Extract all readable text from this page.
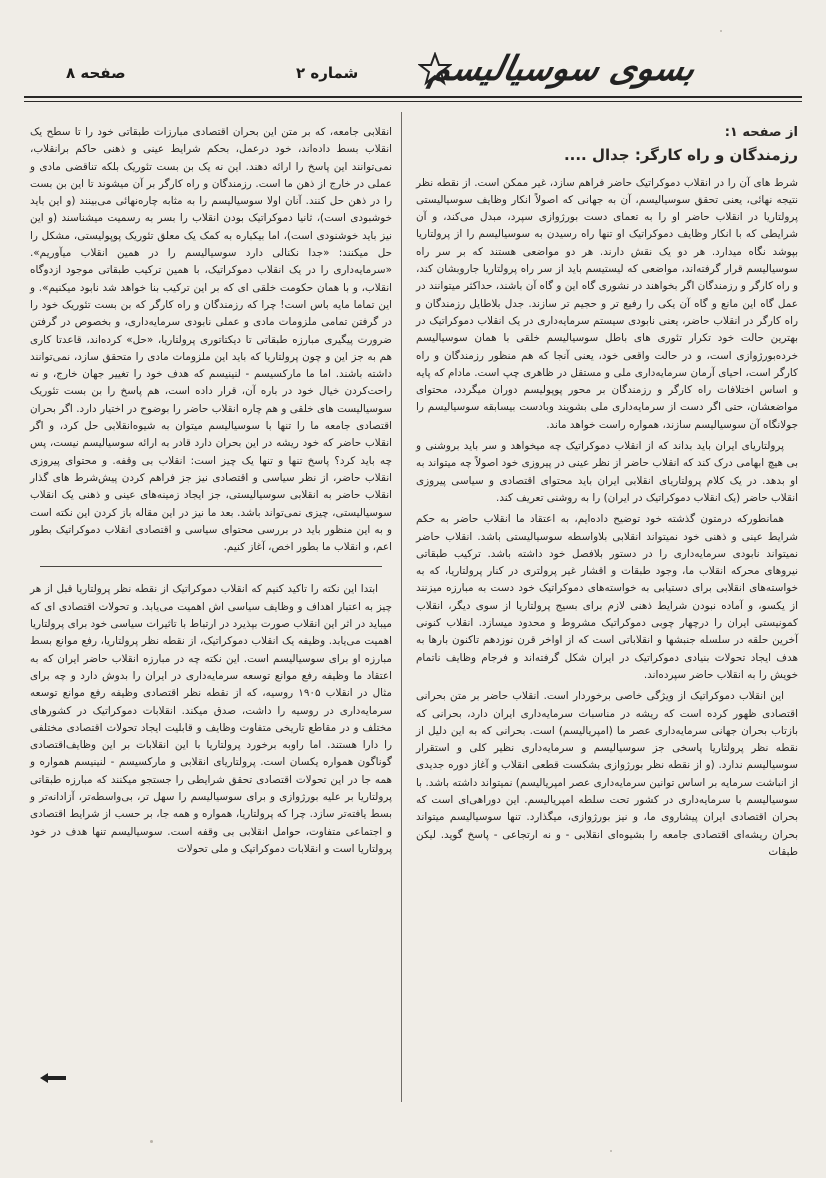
بسوی سوسیالیسم
شماره ۲
صفحه ۸
از صفحه ۱:
رزمندگان و راه کارگر: جدال ....

شرط های آن را در انقلاب دموکراتیک حاضر فراهم سازد، غیر ممکن است. از نقطه نظر نتیجه نهائی، یعنی تحقق سوسیالیسم، آن به جهانی که اصولاً انکار وظایف سوسیالیستی پرولتاریا در انقلاب حاضر او را به تعمای دست بورژوازی سپرد، مبدل می‌کند، و آن شرایطی که با انکار وظایف دموکراتیک او تنها راه رسیدن به سوسیالیسم را از پرولتاریا بپوشد نگاه میدارد. هر دو یک نقش دارند. هر دو مواضعی هستند که بر سر راه سوسیالیسم قرار گرفته‌اند، مواضعی که لیستیسم باید از سر راه پرولتاریا جاروبشان کند، و راه کارگر و رزمندگان اگر بخواهند در نشوری گاه این و گاه آن باشند، حداکثر میتوانند در عمل گاه این مانع و گاه آن یکی را رفیع تر و حجیم تر سازند. جدل بلاطایل رزمندگان و راه کارگر در انقلاب حاضر، یعنی نابودی سیستم سرمایه‌داری در یک انقلاب دموکراتیک در بهترین حالت خود تکرار تئوری های باطل سوسیالیسم خلقی با همان سوسیالیسم خرده‌بورژوازی است، و در حالت واقعی خود، یعنی آنجا که هم منظور رزمندگان و راه کارگر است، احیای آرمان سرمایه‌داری ملی و مستقل در ظاهری چپ است. مادام که پایه و اساس اختلافات راه کارگر و رزمندگان بر محور پوپولیسم دوران میگردد، محتوای مواضعشان، حتی اگر دست از سرمایه‌داری ملی بشویند وبادست بیسابقه سوسیالیسم را جولانگاه آن سوسیالیسم سازند، همواره راست خواهد ماند.

پرولتاریای ایران باید بداند که از انقلاب دموکراتیک چه میخواهد و سر باید بروشنی و بی هیچ ابهامی درک کند که انقلاب حاضر از نظر عینی در پیروزی خود اصولاً چه میتواند به او بدهد. در یک کلام پرولتاریای انقلابی ایران باید محتوای اقتصادی و سیاسی پیروزی انقلاب حاضر (یک انقلاب دموکراتیک در ایران) را به روشنی تعریف کند.

همانطورکه درمتون گذشته خود توضیح داده‌ایم، به اعتقاد ما انقلاب حاضر به حکم شرایط عینی و ذهنی خود نمیتواند انقلابی بلاواسطه سوسیالیستی باشد. انقلاب حاضر نمیتواند نابودی سرمایه‌داری را در دستور بلافصل خود داشته باشد. ترکیب طبقاتی نیروهای محرکه انقلاب ما، وجود طبقات و اقشار غیر پرولتری در کنار پرولتاریا، که به خواسته‌های انقلابی برای دستیابی به خواسته‌های دموکراتیک خود دست به مبارزه میزنند از یکسو، و آماده نبودن شرایط ذهنی لازم برای بسیج پرولتاریا از سوی دیگر، انقلاب کمونیستی ایران را درچهار چوبی دموکراتیک مشروط و محدود میسازد. انقلاب کنونی آخرین حلقه در سلسله جنبشها و انقلاباتی است که از اواخر قرن نوزدهم تاکنون بارها به هدف ایجاد تحولات بنیادی دموکراتیک در ایران شکل گرفته‌اند و فرجام وظایف ناتمام خویش را به انقلاب حاضر سپرده‌اند.

این انقلاب دموکراتیک از ویژگی خاصی برخوردار است. انقلاب حاضر بر متن بحرانی اقتصادی ظهور کرده است که ریشه در مناسبات سرمایه‌داری ایران دارد، بحرانی که بازتاب بحران جهانی سرمایه‌داری عصر ما (امپریالیسم) است. بحرانی که به این دلیل از نقطه نظر پرولتاریا پاسخی جز سوسیالیسم و سرمایه‌داری نظیر کلی و استقرار سوسیالیسم ندارد. (و از نقطه نظر بورژوازی بشکست قطعی انقلاب و آغاز دوره جدیدی از انباشت سرمایه بر اساس توانین سرمایه‌داری عصر امپریالیسم) نمیتواند داشته باشد. با سوسیالیسم با سرمایه‌داری در کشور تحت سلطه امپریالیسم. این دوراهی‌ای است که بحران اقتصادی ایران پیشاروی ما، و نیز بورژوازی، میگذارد. تنها سوسیالیسم میتواند بحران ریشه‌ای اقتصادی جامعه را بشیوه‌ای انقلابی - و نه ارتجاعی - پاسخ گوید. لیکن طبقات

انقلابی جامعه، که بر متن این بحران اقتصادی مبارزات طبقاتی خود را تا سطح یک انقلاب بسط داده‌اند، خود درعمل، بحکم شرایط عینی و ذهنی حاکم برانقلاب، نمی‌توانند این پاسخ را ارائه دهند. این نه یک بن بست تئوریک بلکه تناقضی مادی و عملی در خارج از ذهن ما است. رزمندگان و راه کارگر بر آن میشوند تا این بن بست را در ذهن حل کنند. آنان اولا سوسیالیسم را به مثابه چاره‌نهائی می‌بینند (و این باید خوشبودی است)، ثانیا دموکراتیک بودن انقلاب را بسر به رسمیت میشناسند (و این نیز باید خوشنودی است)، اما بیکباره به کمک یک معلق تئوریک پوپولیستی، مشکل را حل میکنند: «جدا نکنالی دارد سوسیالیسم را در همین انقلاب میآوریم». «سرمایه‌داری را در یک انقلاب دموکراتیک، با همین ترکیب طبقاتی موجود ازدوگاه انقلاب، و با همان حکومت خلقی ای که بر این ترکیب بنا خواهد شد نابود میکنیم». و این تماما مایه باس است! چرا که رزمندگان و راه کارگر که بن بست تئوریک خود را در گرفتن تمامی ملزومات مادی و عملی نابودی سرمایه‌داری، و بخصوص در گرفتن ضرورت پیگیری مبارزه طبقاتی تا دیکتاتوری پرولتاریا، «حل» کرده‌اند، قاعدتا کاری هم به جز این و چون پرولتاریا که باید این ملزومات مادی را متحقق سازد، نمی‌توانند داشته باشند. اما ما مارکسیسم - لنینیسم که هدف خود را تغییر جهان خارج، و نه راحت‌کردن خیال خود در باره آن، قرار داده است، هم پاسخ را بن بست تئوریک سوسیالیست های خلقی و هم چاره انقلاب حاضر را بوضوح در اختیار دارد. اگر بحران اقتصادی جامعه ما را تنها با سوسیالیسم میتوان به شیوه‌انقلابی حل کرد، و اگر انقلاب حاضر که خود ریشه در این بحران دارد قادر به ارائه سوسیالیسم نیست، پس چه باید کرد؟ پاسخ تنها و تنها یک چیز است: انقلاب بی وقفه. و محتوای پیروزی انقلاب حاضر، از نظر سیاسی و اقتصادی نیز جز فراهم کردن پیش‌شرط های گذار انقلاب حاضر به انقلابی سوسیالیستی، جز ایجاد زمینه‌های عینی و ذهنی یک انقلاب سوسیالیستی، چیزی نمی‌تواند باشد. بعد ما نیز در این مقاله باز کردن این نکته است و به این منظور باید در بررسی محتوای سیاسی و اقتصادی انقلاب دموکراتیک بطور اعم، و انقلاب ما بطور اخص، آغاز کنیم.

ابتدا این نکته را تاکید کنیم که انقلاب دموکراتیک از نقطه نظر پرولتاریا قبل از هر چیز به اعتبار اهداف و وظایف سیاسی اش اهمیت می‌یابد. و تحولات اقتصادی ای که میباید در اثر این انقلاب صورت بپذیرد در ارتباط با تاثیرات سیاسی خود برای پرولتاریا اهمیت می‌یابد. وظیفه یک انقلاب دموکراتیک، از نقطه نظر پرولتاریا، رفع موانع بسط مبارزه او برای سوسیالیسم است. این نکته چه در مبارزه انقلاب حاضر ایران که به اعتقاد ما وظیفه رفع موانع توسعه سرمایه‌داری در ایران را بدوش دارد و چه برای مثال در انقلاب ۱۹۰۵ روسیه، که از نقطه نظر اقتصادی وظیفه رفع موانع توسعه سرمایه‌داری در روسیه را داشت، صدق میکند. انقلابات دموکراتیک در کشورهای مختلف و در مقاطع تاریخی متفاوت وظایف و قابلیت ایجاد تحولات اقتصادی مختلفی را دارا هستند. اما راوبه برخورد پرولتاریا با این انقلابات بر این وظایف‌اقتصادی گوناگون همواره یکسان است. پرولتاریای انقلابی و مارکسیسم - لنینیسم همواره و همه جا در این تحولات اقتصادی تحقق شرایطی را جستجو میکنند که مبارزه طبقاتی پرولتاریا بر علیه بورژوازی و برای سوسیالیسم را سهل تر، بی‌واسطه‌تر، آزادانه‌تر و بسط یافته‌تر سازد. چرا که پرولتاریا، همواره و همه جا، بر حسب از شرایط اقتصادی و اجتماعی متفاوت، حوامل انقلابی بی وقفه است. سوسیالیسم تنها هدف در خود پرولتاریا است و انقلابات دموکراتیک و ملی تحولات
